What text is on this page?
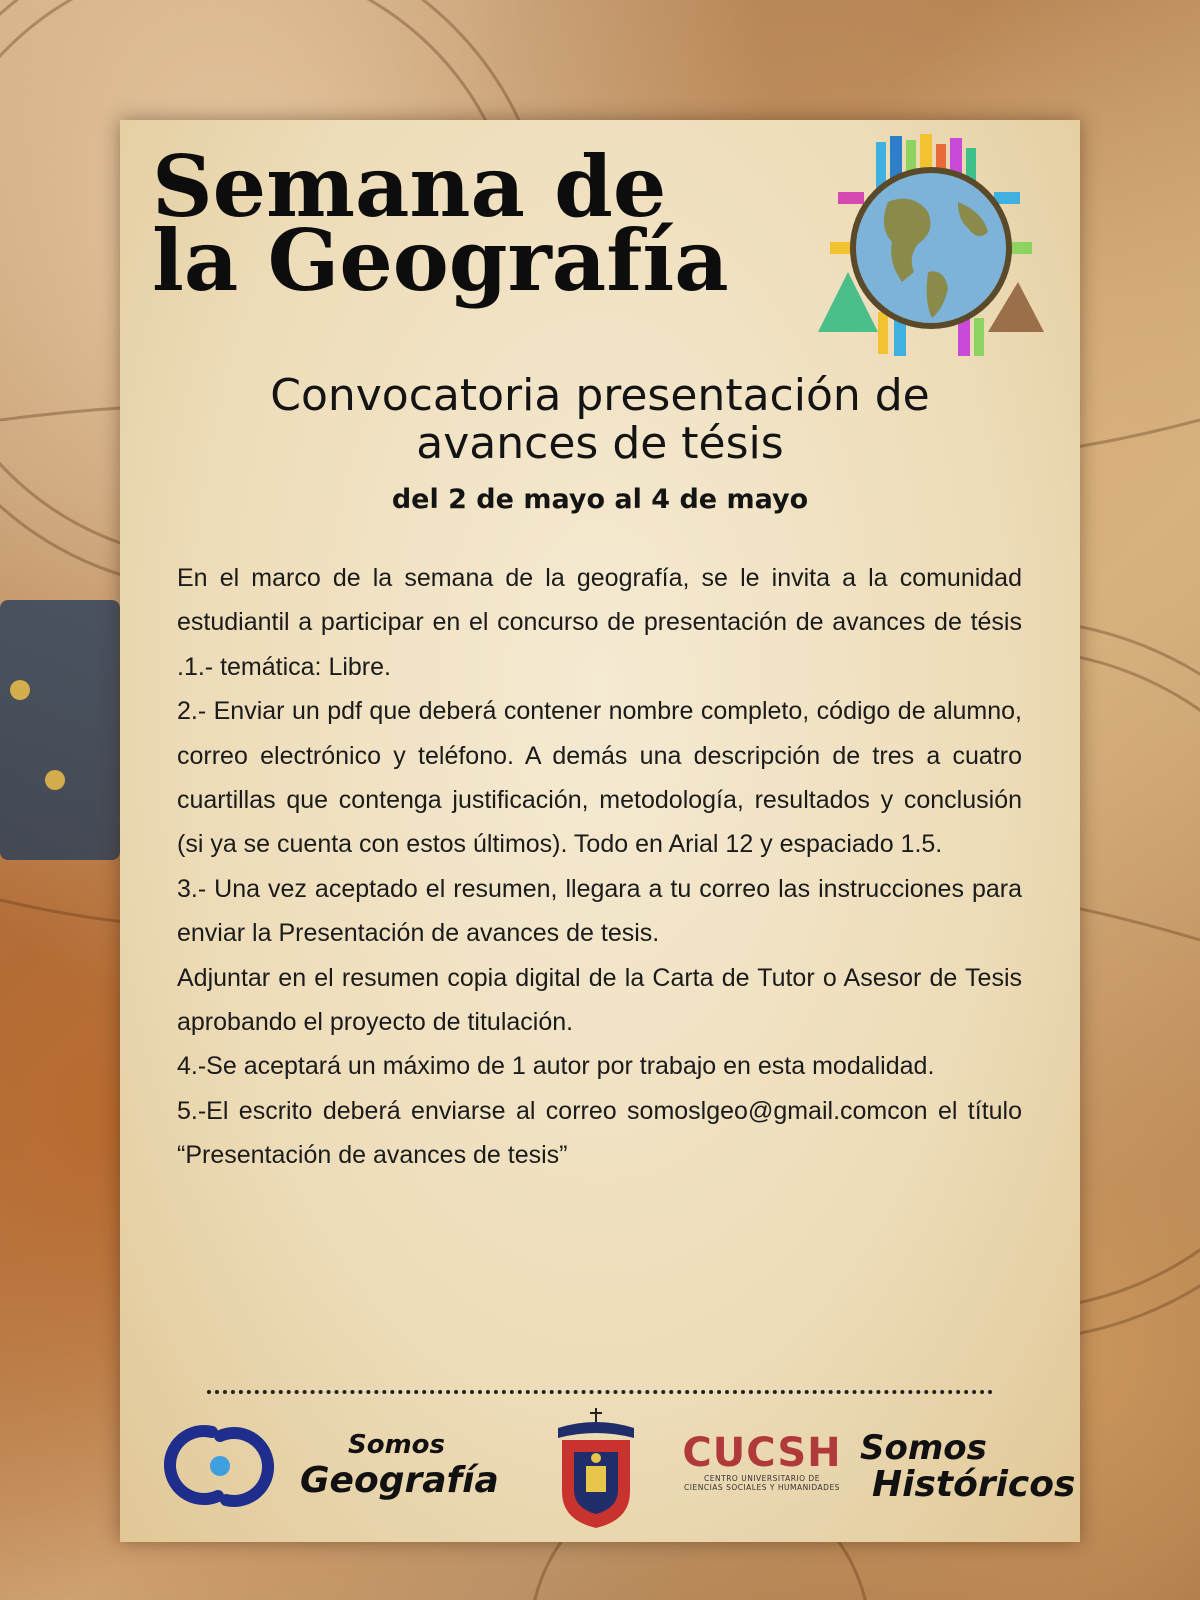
Semana de
la Geografía
Convocatoria presentación de
avances de tésis
del 2 de mayo al 4 de mayo

En el marco de la semana de la geografía, se le invita a la comunidad estudiantil a participar en el concurso de presentación de avances de tésis .1.- temática: Libre.

2.- Enviar un pdf que deberá contener nombre completo, código de alumno, correo electrónico y teléfono. A demás una descripción de tres a cuatro cuartillas que contenga justificación, metodología, resultados y conclusión (si ya se cuenta con estos últimos). Todo en Arial 12 y espaciado 1.5.

3.- Una vez aceptado el resumen, llegara a tu correo las instrucciones para enviar la Presentación de avances de tesis.

Adjuntar en el resumen copia digital de la Carta de Tutor o Asesor de Tesis aprobando el proyecto de titulación.

4.-Se aceptará un máximo de 1 autor por trabajo en esta modalidad.

5.-El escrito deberá enviarse al correo somoslgeo@gmail.comcon el título “Presentación de avances de tesis”

Somos
Geografía
CUCSH
CENTRO UNIVERSITARIO DE
CIENCIAS SOCIALES Y HUMANIDADES
Somos
Históricos
